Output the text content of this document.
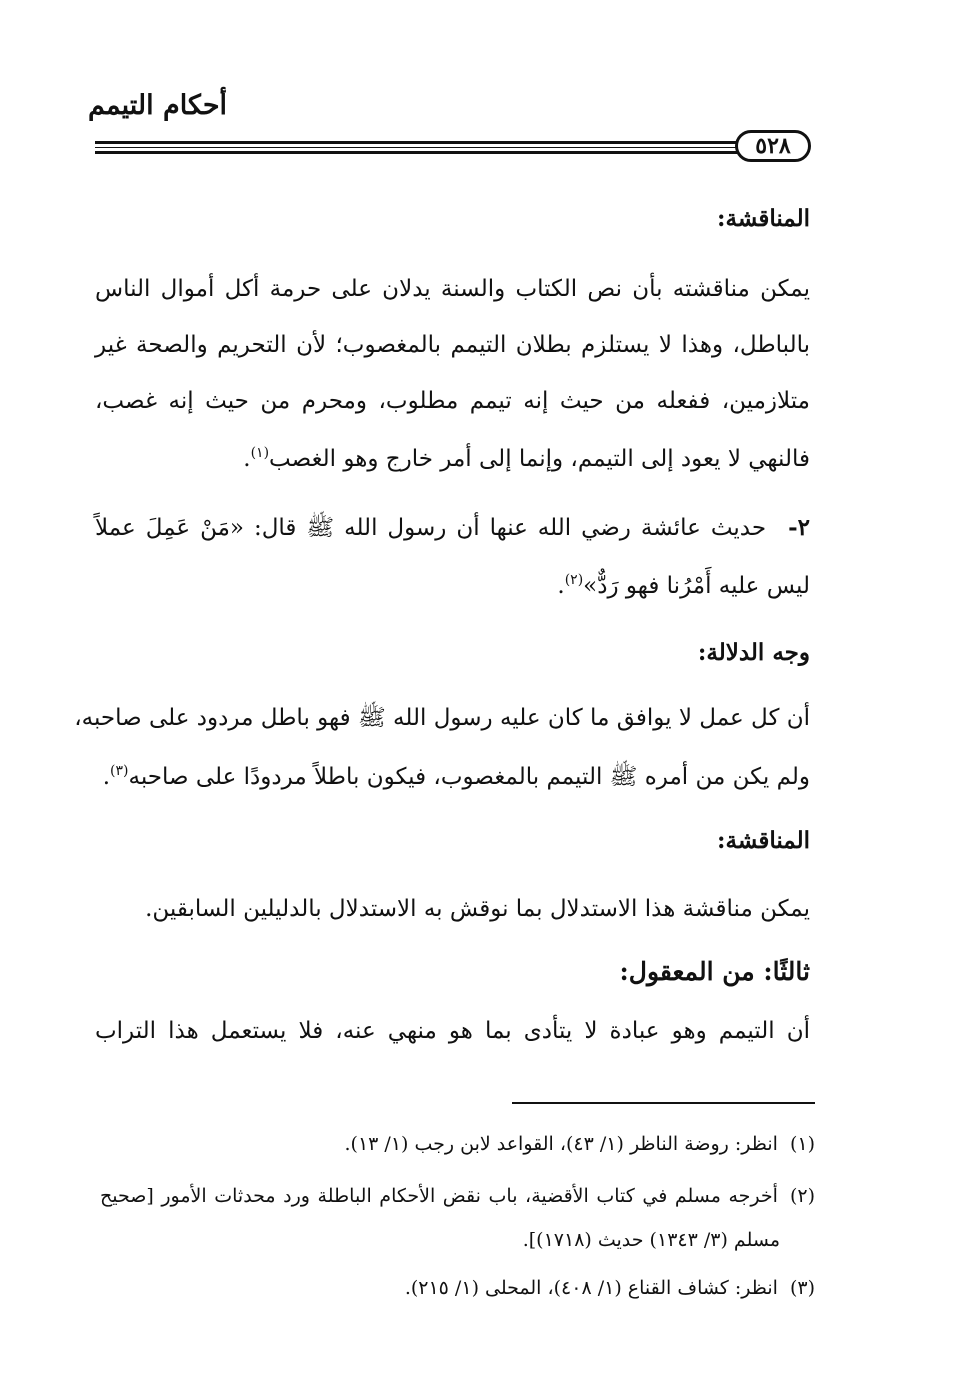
أحكام التيمم
٥٢٨
المناقشة:
يمكن مناقشته بأن نص الكتاب والسنة يدلان على حرمة أكل أموال الناس
بالباطل، وهذا لا يستلزم بطلان التيمم بالمغصوب؛ لأن التحريم والصحة غير
متلازمين، ففعله من حيث إنه تيمم مطلوب، ومحرم من حيث إنه غصب،
فالنهي لا يعود إلى التيمم، وإنما إلى أمر خارج وهو الغصب$^{(١)}$.
٢-حديث عائشة رضي الله عنها أن رسول الله ﷺ قال: «مَنْ عَمِلَ عملاً
ليس عليه أَمْرُنا فهو رَدٌّ»$^{(٢)}$.
وجه الدلالة:
أن كل عمل لا يوافق ما كان عليه رسول الله ﷺ فهو باطل مردود على صاحبه،
ولم يكن من أمره ﷺ التيمم بالمغصوب، فيكون باطلاً مردودًا على صاحبه$^{(٣)}$.
المناقشة:
يمكن مناقشة هذا الاستدلال بما نوقش به الاستدلال بالدليلين السابقين.
ثالثًا: من المعقول:
أن التيمم وهو عبادة لا يتأدى بما هو منهي عنه، فلا يستعمل هذا التراب
(١)انظر: روضة الناظر (١/ ٤٣)، القواعد لابن رجب (١/ ١٣).
(٢)أخرجه مسلم في كتاب الأقضية، باب نقض الأحكام الباطلة ورد محدثات الأمور [صحيح
مسلم (٣/ ١٣٤٣) حديث (١٧١٨)].
(٣)انظر: كشاف القناع (١/ ٤٠٨)، المحلى (١/ ٢١٥).
